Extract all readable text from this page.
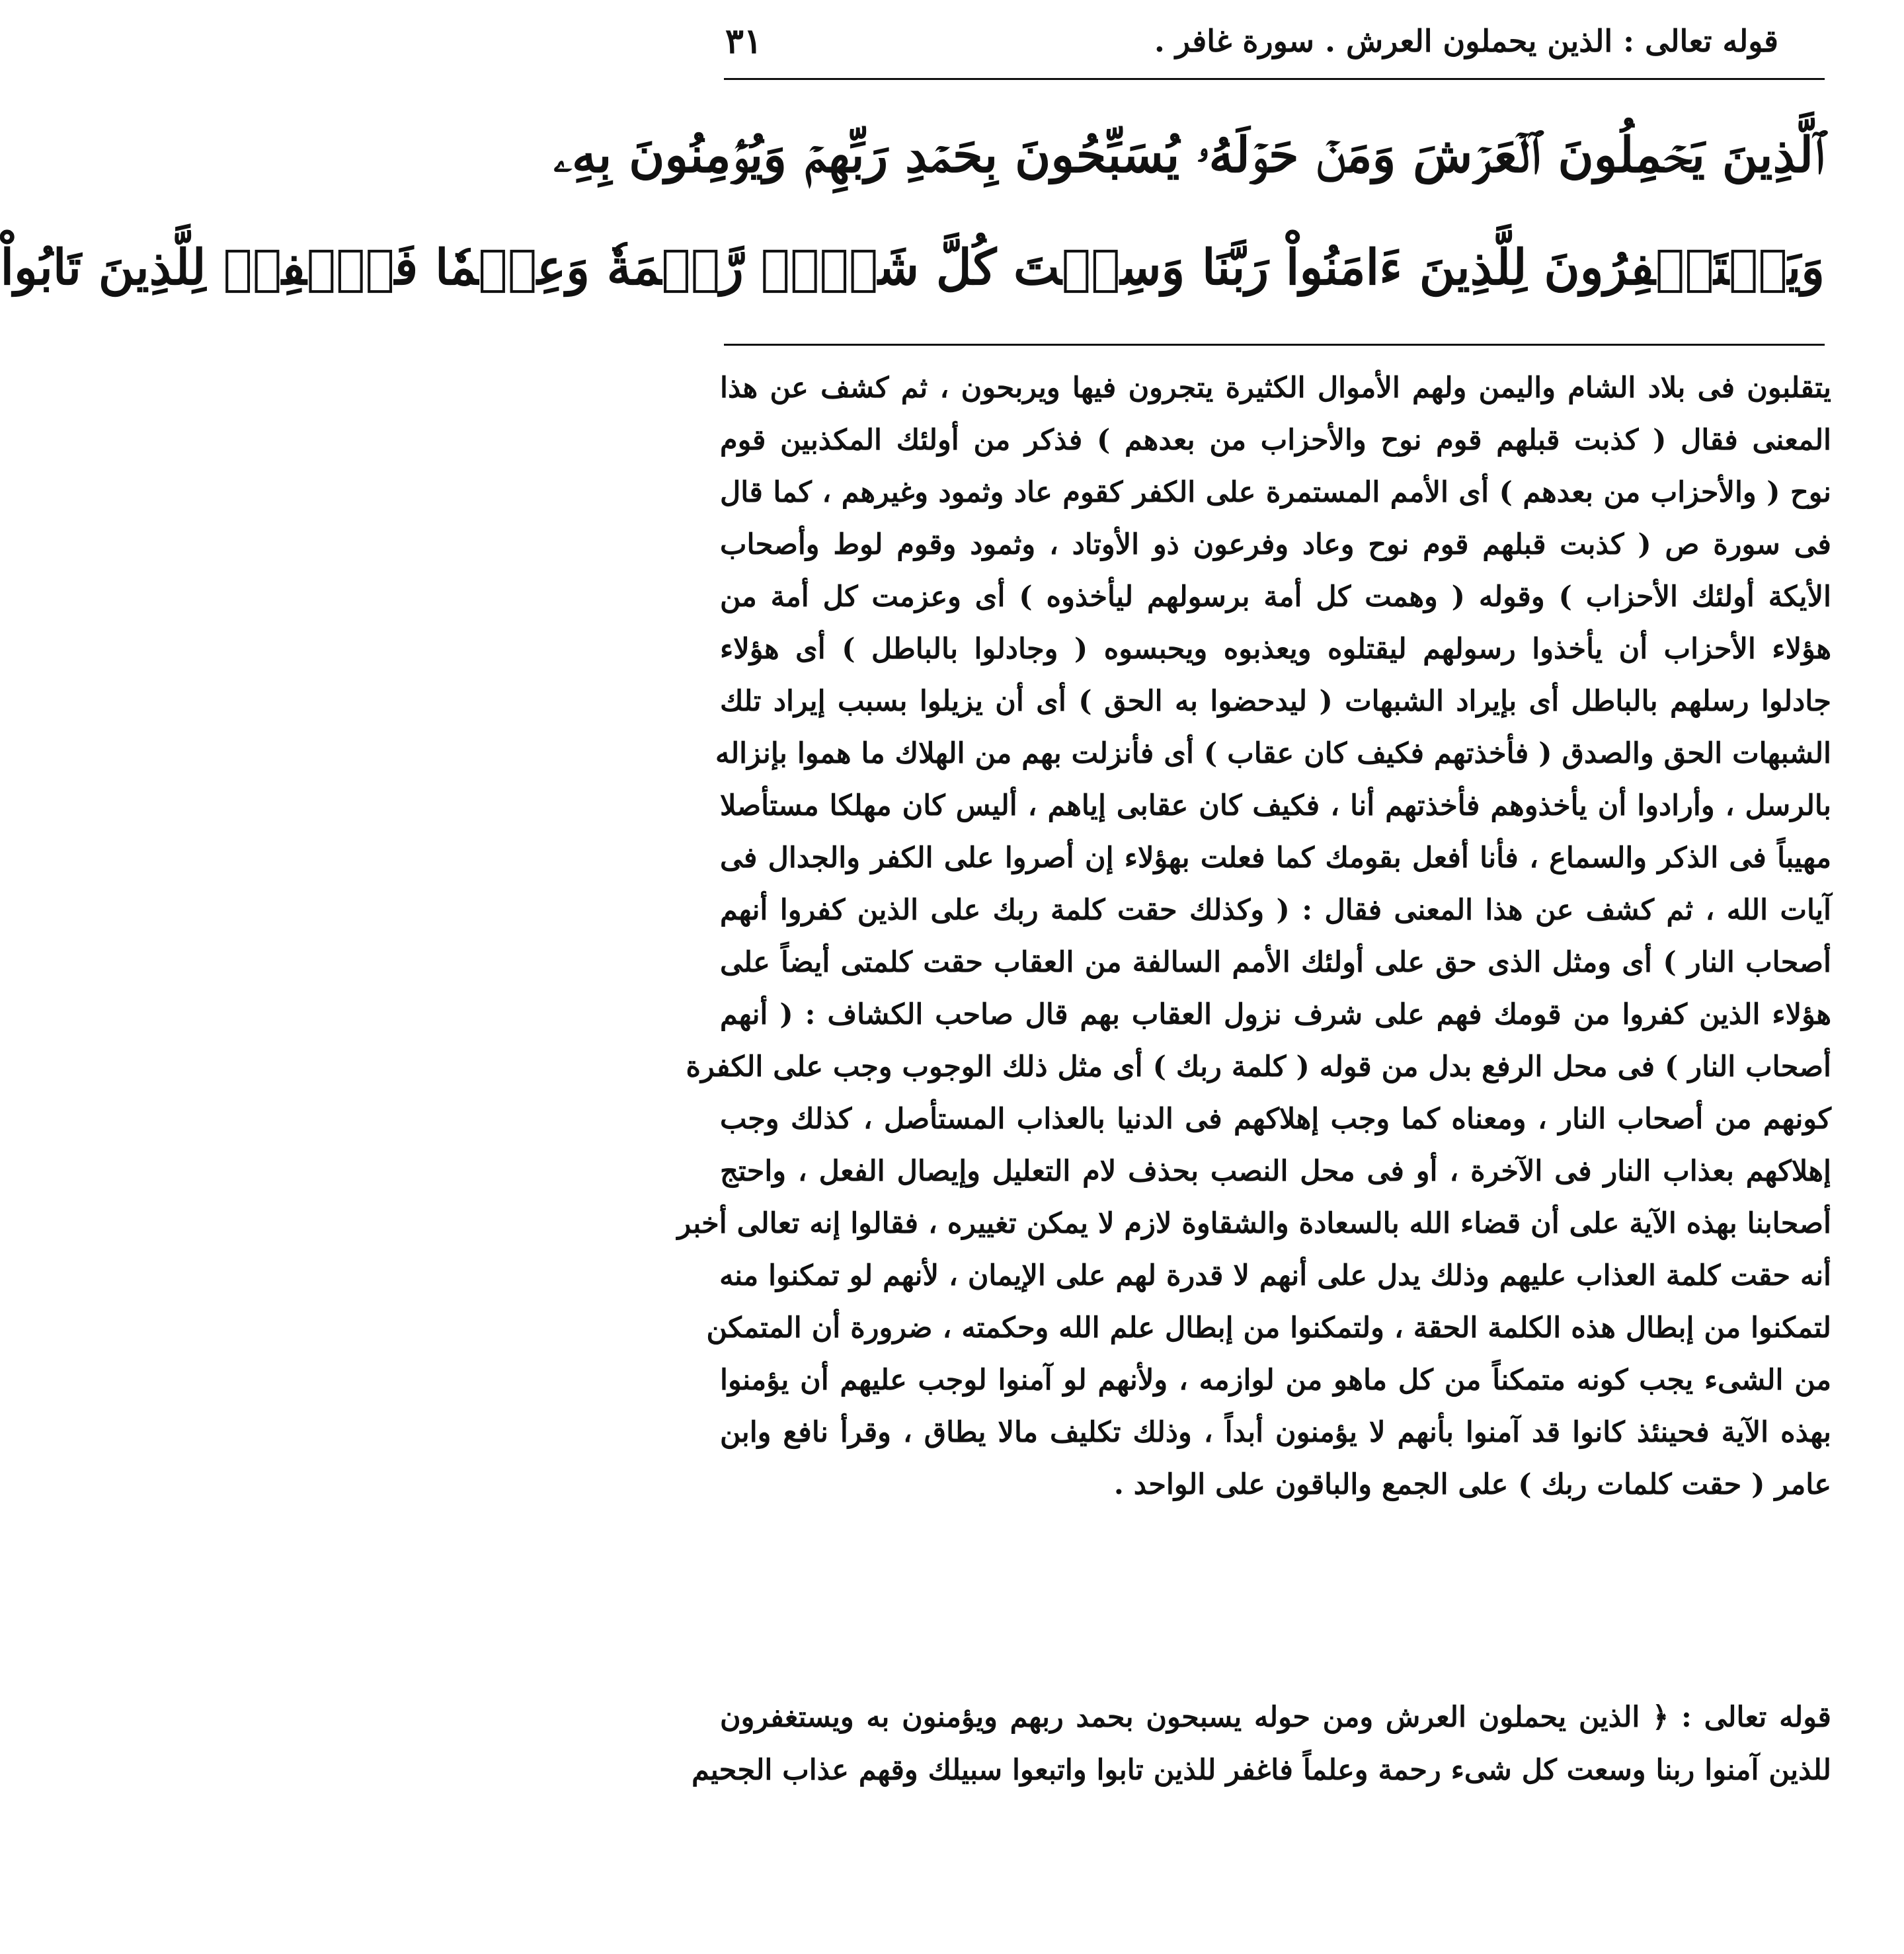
قوله تعالى : الذين يحملون العرش . سورة غافر .
٣١
ٱلَّذِينَ يَحۡمِلُونَ ٱلۡعَرۡشَ وَمَنۡ حَوۡلَهُۥ يُسَبِّحُونَ بِحَمۡدِ رَبِّهِمۡ وَيُؤۡمِنُونَ بِهِۦ
وَيَسۡتَغۡفِرُونَ لِلَّذِينَ ءَامَنُواْ رَبَّنَا وَسِعۡتَ كُلَّ شَيۡءٖ رَّحۡمَةٗ وَعِلۡمٗا فَٱغۡفِرۡ لِلَّذِينَ تَابُواْ
يتقلبون فى بلاد الشام واليمن ولهم الأموال الكثيرة يتجرون فيها ويربحون ، ثم كشف عن هذا
المعنى فقال ( كذبت قبلهم قوم نوح والأحزاب من بعدهم ) فذكر من أولئك المكذبين قوم
نوح ( والأحزاب من بعدهم ) أى الأمم المستمرة على الكفر كقوم عاد وثمود وغيرهم ، كما قال
فى سورة ص ( كذبت قبلهم قوم نوح وعاد وفرعون ذو الأوتاد ، وثمود وقوم لوط وأصحاب
الأيكة أولئك الأحزاب ) وقوله ( وهمت كل أمة برسولهم ليأخذوه ) أى وعزمت كل أمة من
هؤلاء الأحزاب أن يأخذوا رسولهم ليقتلوه ويعذبوه ويحبسوه ( وجادلوا بالباطل ) أى هؤلاء
جادلوا رسلهم بالباطل أى بإيراد الشبهات ( ليدحضوا به الحق ) أى أن يزيلوا بسبب إيراد تلك
الشبهات الحق والصدق ( فأخذتهم فكيف كان عقاب ) أى فأنزلت بهم من الهلاك ما هموا بإنزاله
بالرسل ، وأرادوا أن يأخذوهم فأخذتهم أنا ، فكيف كان عقابى إياهم ، أليس كان مهلكا مستأصلا
مهيباً فى الذكر والسماع ، فأنا أفعل بقومك كما فعلت بهؤلاء إن أصروا على الكفر والجدال فى
آيات الله ، ثم كشف عن هذا المعنى فقال : ( وكذلك حقت كلمة ربك على الذين كفروا أنهم
أصحاب النار ) أى ومثل الذى حق على أولئك الأمم السالفة من العقاب حقت كلمتى أيضاً على
هؤلاء الذين كفروا من قومك فهم على شرف نزول العقاب بهم قال صاحب الكشاف : ( أنهم
أصحاب النار ) فى محل الرفع بدل من قوله ( كلمة ربك ) أى مثل ذلك الوجوب وجب على الكفرة
كونهم من أصحاب النار ، ومعناه كما وجب إهلاكهم فى الدنيا بالعذاب المستأصل ، كذلك وجب
إهلاكهم بعذاب النار فى الآخرة ، أو فى محل النصب بحذف لام التعليل وإيصال الفعل ، واحتج
أصحابنا بهذه الآية على أن قضاء الله بالسعادة والشقاوة لازم لا يمكن تغييره ، فقالوا إنه تعالى أخبر
أنه حقت كلمة العذاب عليهم وذلك يدل على أنهم لا قدرة لهم على الإيمان ، لأنهم لو تمكنوا منه
لتمكنوا من إبطال هذه الكلمة الحقة ، ولتمكنوا من إبطال علم الله وحكمته ، ضرورة أن المتمكن
من الشىء يجب كونه متمكناً من كل ماهو من لوازمه ، ولأنهم لو آمنوا لوجب عليهم أن يؤمنوا
بهذه الآية فحينئذ كانوا قد آمنوا بأنهم لا يؤمنون أبداً ، وذلك تكليف مالا يطاق ، وقرأ نافع وابن
عامر ( حقت كلمات ربك ) على الجمع والباقون على الواحد .
قوله تعالى : ﴿ الذين يحملون العرش ومن حوله يسبحون بحمد ربهم ويؤمنون به ويستغفرون
للذين آمنوا ربنا وسعت كل شىء رحمة وعلماً فاغفر للذين تابوا واتبعوا سبيلك وقهم عذاب الجحيم
